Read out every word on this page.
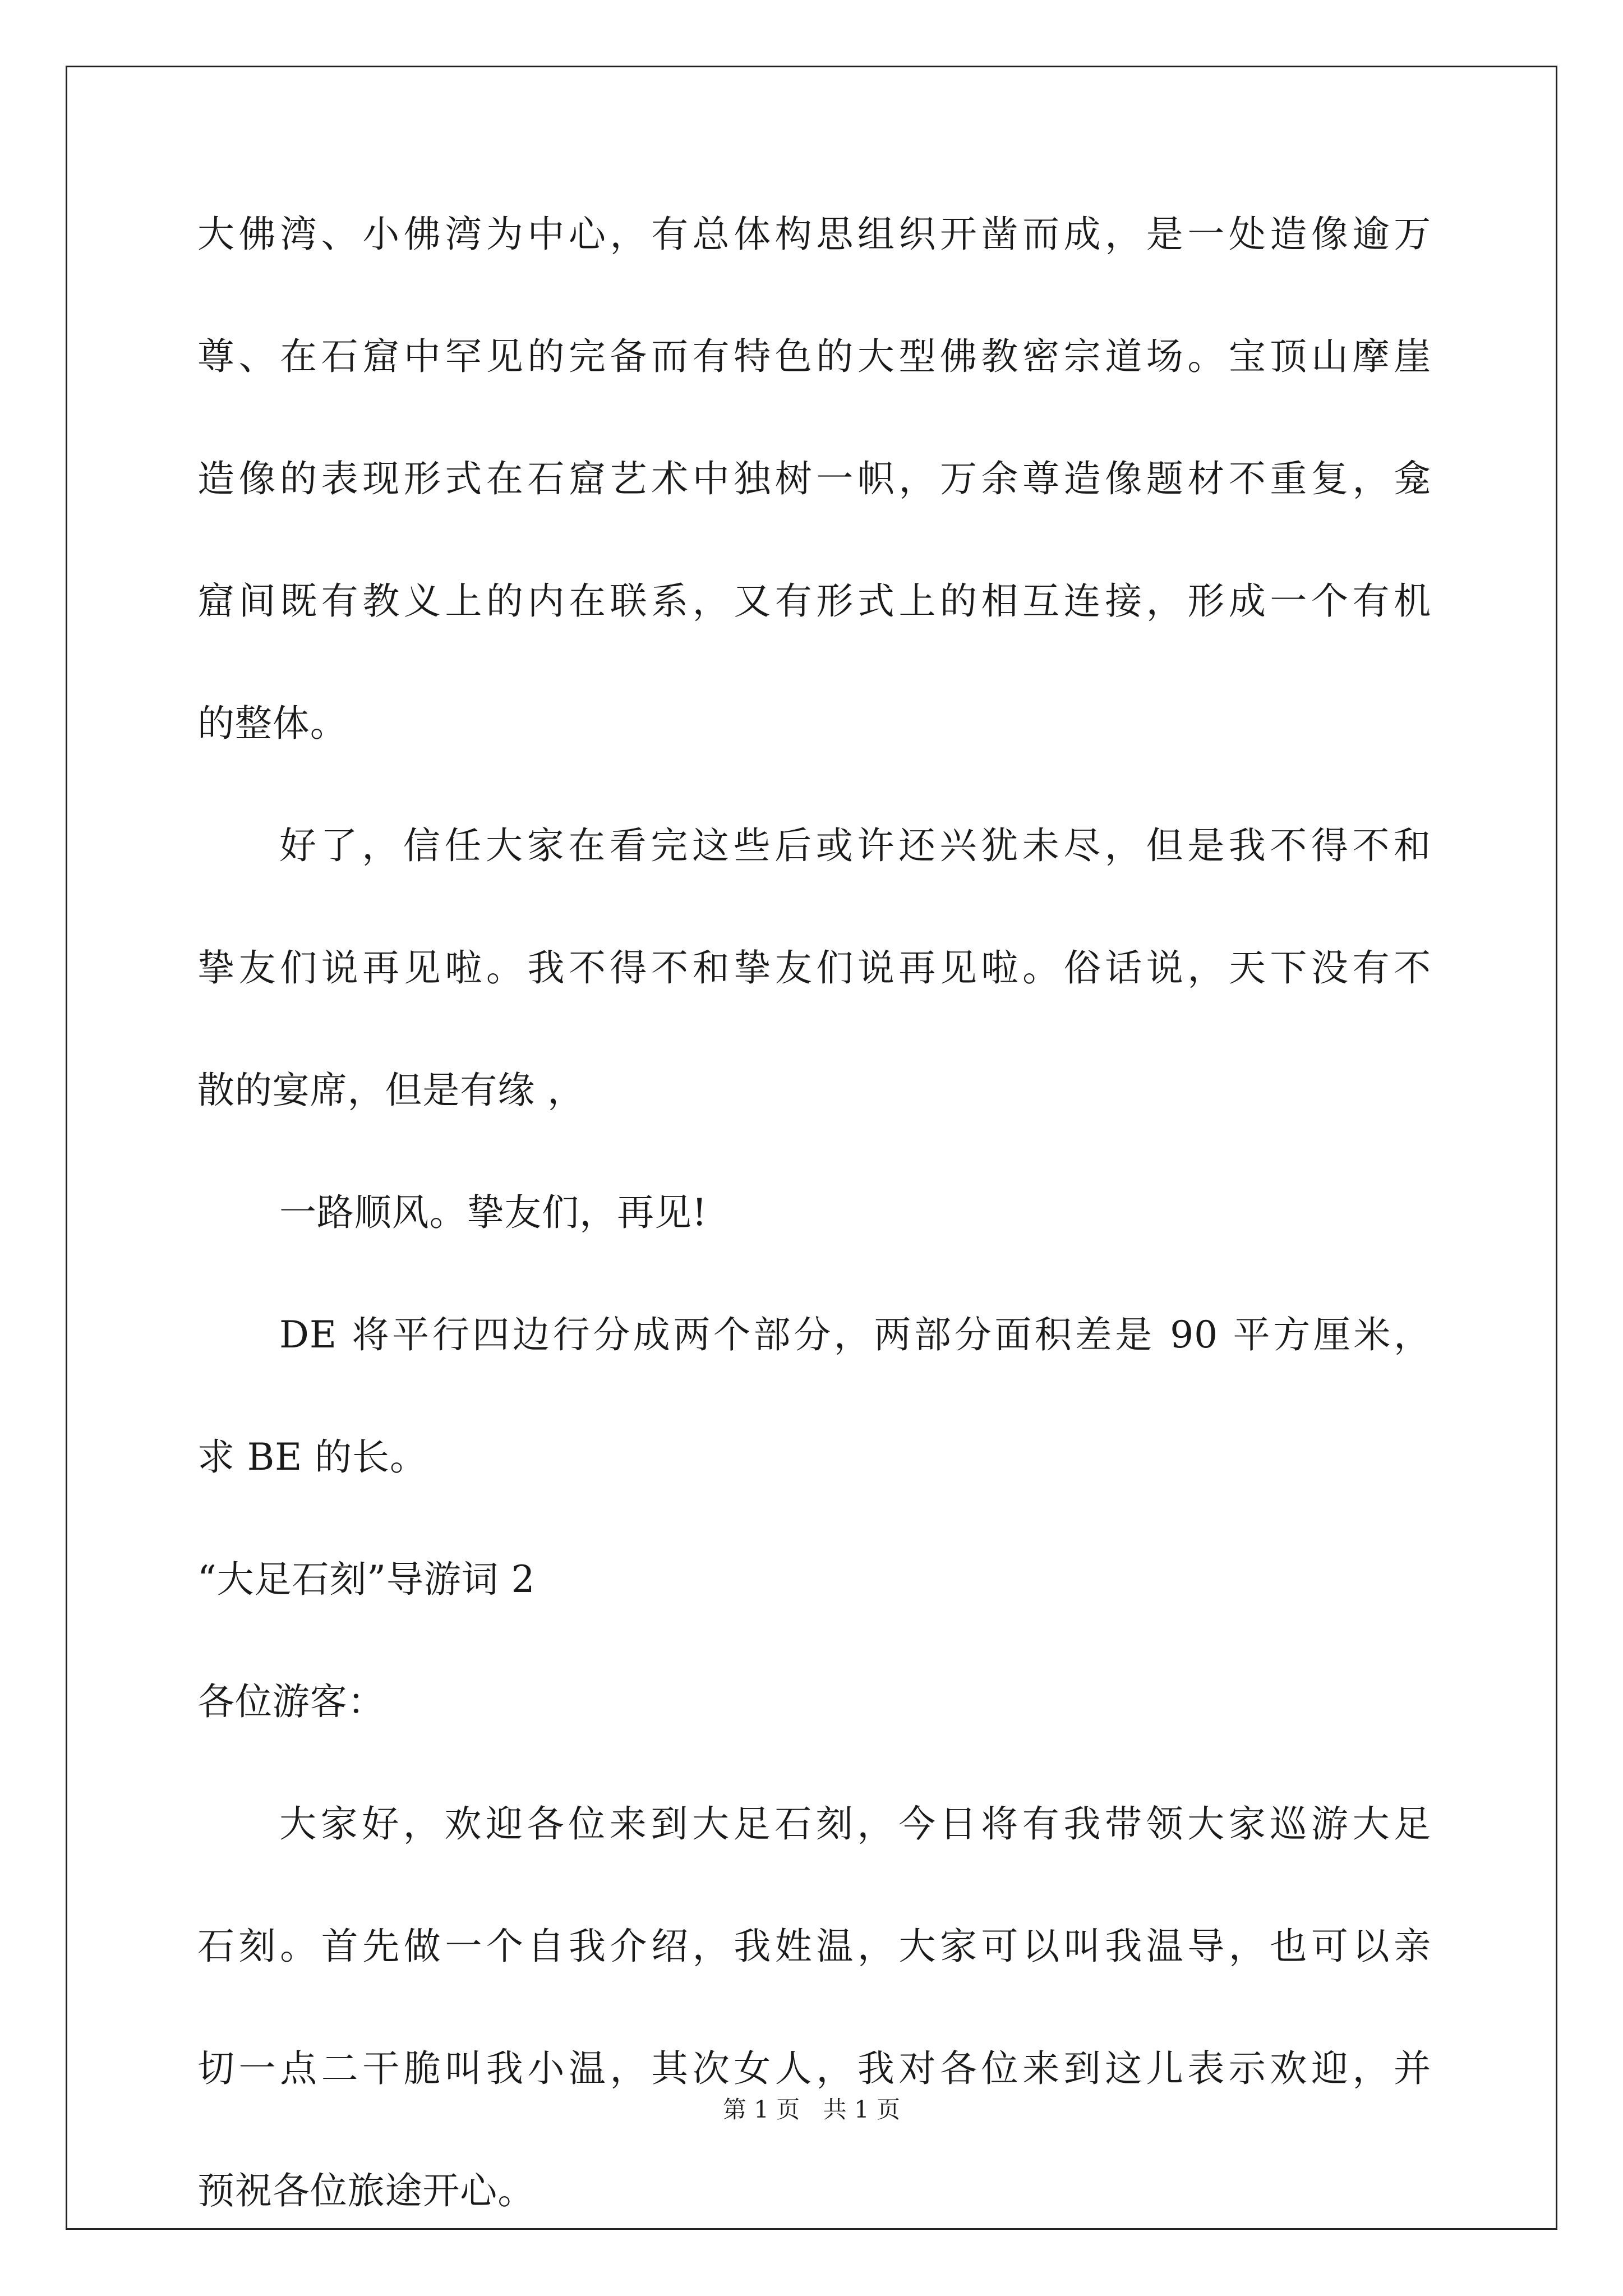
大佛湾、小佛湾为中心，有总体构思组织开凿而成，是一处造像逾万
尊、在石窟中罕见的完备而有特色的大型佛教密宗道场。宝顶山摩崖
造像的表现形式在石窟艺术中独树一帜，万余尊造像题材不重复，龛
窟间既有教义上的内在联系，又有形式上的相互连接，形成一个有机
的整体。
好了，信任大家在看完这些后或许还兴犹未尽，但是我不得不和
挚友们说再见啦。我不得不和挚友们说再见啦。俗话说，天下没有不
散的宴席，但是有缘 ，
一路顺风。挚友们，再见!
DE 将平行四边行分成两个部分，两部分面积差是 90 平方厘米，
求 BE 的长。
“大足石刻”导游词 2
各位游客：
大家好，欢迎各位来到大足石刻，今日将有我带领大家巡游大足
石刻。首先做一个自我介绍，我姓温，大家可以叫我温导，也可以亲
切一点二干脆叫我小温，其次女人，我对各位来到这儿表示欢迎，并
预祝各位旅途开心。
第 1 页 共 1 页
